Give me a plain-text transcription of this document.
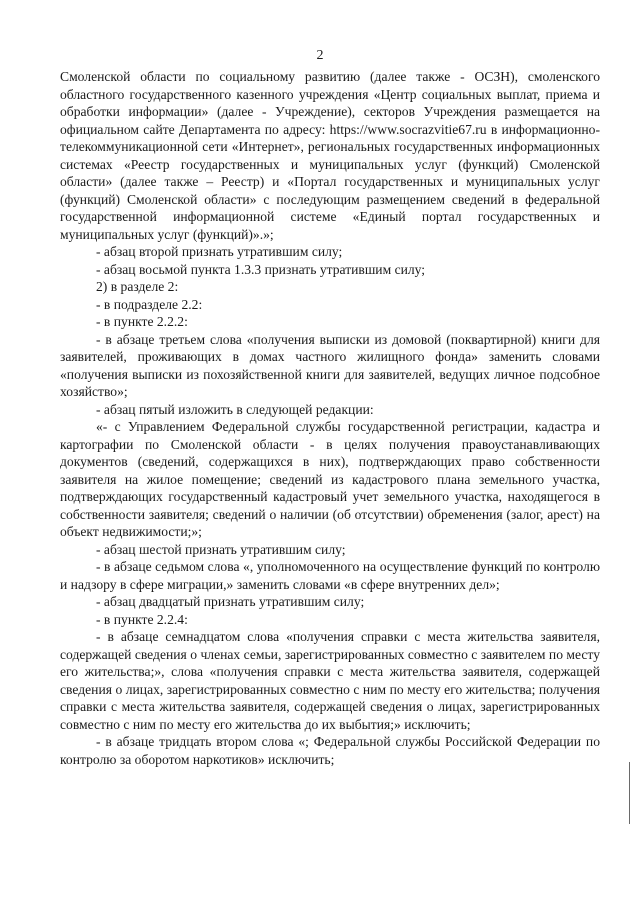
2

Смоленской области по социальному развитию (далее также - ОСЗН), смоленского областного государственного казенного учреждения «Центр социальных выплат, приема и обработки информации» (далее - Учреждение), секторов Учреждения размещается на официальном сайте Департамента по адресу: https://www.socrazvitie67.ru в информационно-телекоммуникационной сети «Интернет», региональных государственных информационных системах «Реестр государственных и муниципальных услуг (функций) Смоленской области» (далее также – Реестр) и «Портал государственных и муниципальных услуг (функций) Смоленской области» с последующим размещением сведений в федеральной государственной информационной системе «Единый портал государственных и муниципальных услуг (функций)».»;

- абзац второй признать утратившим силу;

- абзац восьмой пункта 1.3.3 признать утратившим силу;

2) в разделе 2:

- в подразделе 2.2:

- в пункте 2.2.2:

- в абзаце третьем слова «получения выписки из домовой (поквартирной) книги для заявителей, проживающих в домах частного жилищного фонда» заменить словами «получения выписки из похозяйственной книги для заявителей, ведущих личное подсобное хозяйство»;

- абзац пятый изложить в следующей редакции:

«- с Управлением Федеральной службы государственной регистрации, кадастра и картографии по Смоленской области - в целях получения правоустанавливающих документов (сведений, содержащихся в них), подтверждающих право собственности заявителя на жилое помещение; сведений из кадастрового плана земельного участка, подтверждающих государственный кадастровый учет земельного участка, находящегося в собственности заявителя; сведений о наличии (об отсутствии) обременения (залог, арест) на объект недвижимости;»;

- абзац шестой признать утратившим силу;

- в абзаце седьмом слова «, уполномоченного на осуществление функций по контролю и надзору в сфере миграции,» заменить словами «в сфере внутренних дел»;

- абзац двадцатый признать утратившим силу;

- в пункте 2.2.4:

- в абзаце семнадцатом слова «получения справки с места жительства заявителя, содержащей сведения о членах семьи, зарегистрированных совместно с заявителем по месту его жительства;», слова «получения справки с места жительства заявителя, содержащей сведения о лицах, зарегистрированных совместно с ним по месту его жительства; получения справки с места жительства заявителя, содержащей сведения о лицах, зарегистрированных совместно с ним по месту его жительства до их выбытия;» исключить;

- в абзаце тридцать втором слова «; Федеральной службы Российской Федерации по контролю за оборотом наркотиков» исключить;
